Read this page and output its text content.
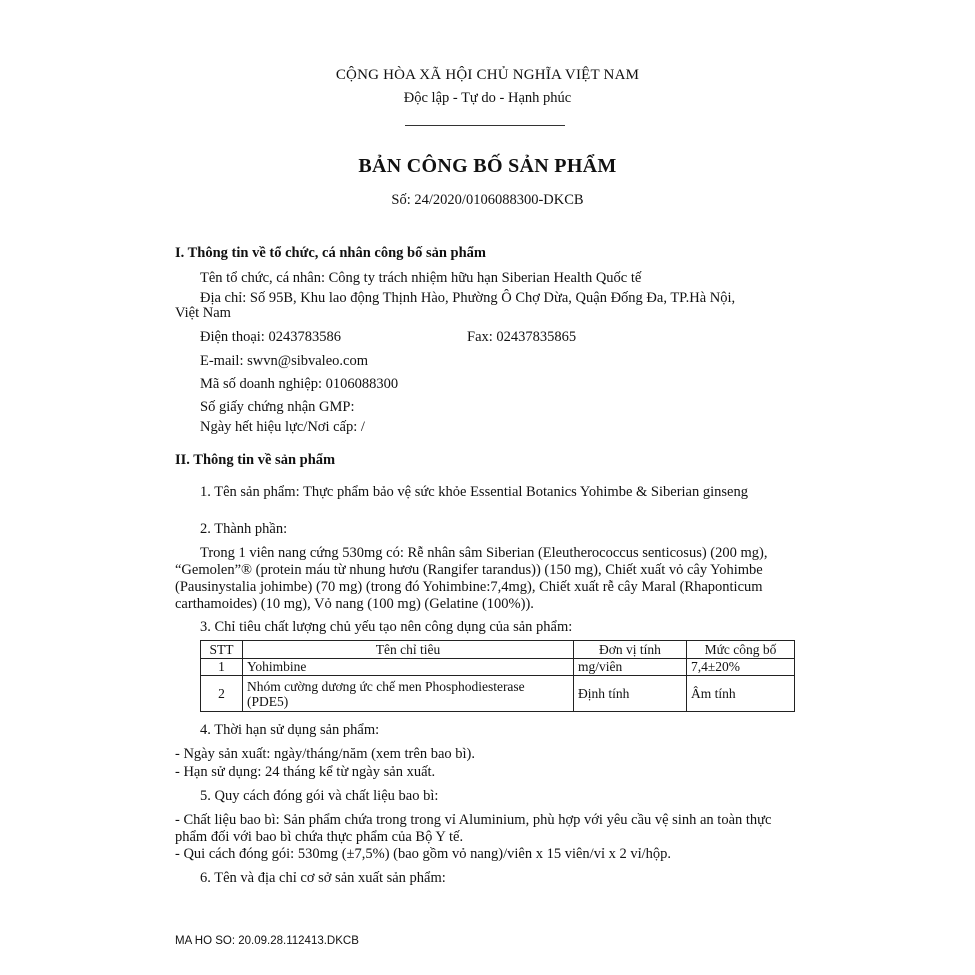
CỘNG HÒA XÃ HỘI CHỦ NGHĨA VIỆT NAM
Độc lập - Tự do - Hạnh phúc
BẢN CÔNG BỐ SẢN PHẨM
Số: 24/2020/0106088300-DKCB
I. Thông tin về tổ chức, cá nhân công bố sản phẩm
Tên tổ chức, cá nhân: Công ty trách nhiệm hữu hạn Siberian Health Quốc tế
Địa chỉ: Số 95B, Khu lao động Thịnh Hào, Phường Ô Chợ Dừa, Quận Đống Đa, TP.Hà Nội,
Việt Nam
Điện thoại: 0243783586	Fax: 02437835865
E-mail: swvn@sibvaleo.com
Mã số doanh nghiệp: 0106088300
Số giấy chứng nhận GMP:
Ngày hết hiệu lực/Nơi cấp: /
II. Thông tin về sản phẩm
1. Tên sản phẩm: Thực phẩm bảo vệ sức khỏe Essential Botanics Yohimbe & Siberian ginseng
2. Thành phần:
Trong 1 viên nang cứng 530mg có: Rễ nhân sâm Siberian (Eleutherococcus senticosus) (200 mg), “Gemolen”® (protein máu từ nhung hươu (Rangifer tarandus)) (150 mg), Chiết xuất vỏ cây Yohimbe (Pausinystalia johimbe) (70 mg) (trong đó Yohimbine:7,4mg), Chiết xuất rễ cây Maral (Rhaponticum carthamoides) (10 mg), Vỏ nang (100 mg) (Gelatine (100%)).
3. Chỉ tiêu chất lượng chủ yếu tạo nên công dụng của sản phẩm:
STT	Tên chỉ tiêu	Đơn vị tính	Mức công bố
1	Yohimbine	mg/viên	7,4±20%
2	Nhóm cường dương ức chế men Phosphodiesterase (PDE5)	Định tính	Âm tính
4. Thời hạn sử dụng sản phẩm:
- Ngày sản xuất: ngày/tháng/năm (xem trên bao bì).
- Hạn sử dụng: 24 tháng kể từ ngày sản xuất.
5. Quy cách đóng gói và chất liệu bao bì:
- Chất liệu bao bì: Sản phẩm chứa trong trong vỉ Aluminium, phù hợp với yêu cầu vệ sinh an toàn thực phẩm đối với bao bì chứa thực phẩm của Bộ Y tế.
- Qui cách đóng gói: 530mg (±7,5%) (bao gồm vỏ nang)/viên x 15 viên/vỉ x 2 vỉ/hộp.
6. Tên và địa chỉ cơ sở sản xuất sản phẩm:
MA HO SO: 20.09.28.112413.DKCB
